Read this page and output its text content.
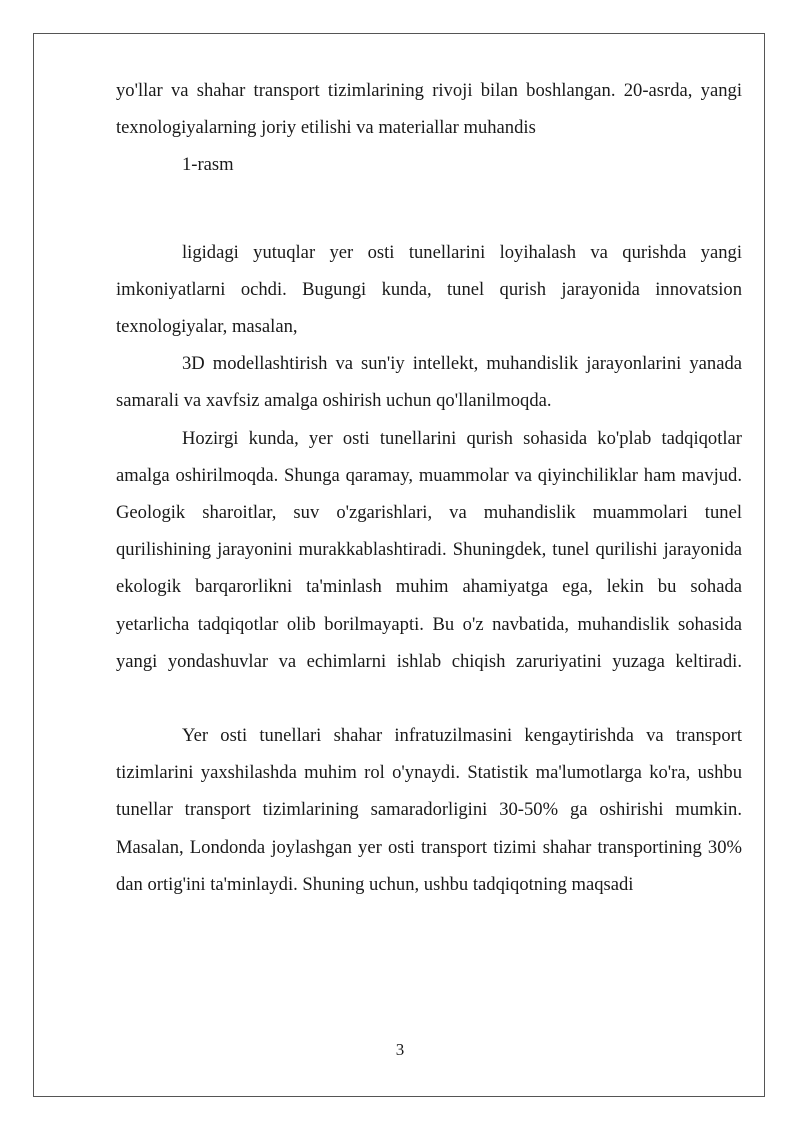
yo'llar va shahar transport tizimlarining rivoji bilan boshlangan. 20-asrda, yangi texnologiyalarning joriy etilishi va materiallar muhandis

1-rasm

ligidagi yutuqlar yer osti tunellarini loyihalash va qurishda yangi imkoniyatlarni ochdi. Bugungi kunda, tunel qurish jarayonida innovatsion texnologiyalar, masalan,

3D modellashtirish va sun'iy intellekt, muhandislik jarayonlarini yanada samarali va xavfsiz amalga oshirish uchun qo'llanilmoqda.

Hozirgi kunda, yer osti tunellarini qurish sohasida ko'plab tadqiqotlar amalga oshirilmoqda. Shunga qaramay, muammolar va qiyinchiliklar ham mavjud. Geologik sharoitlar, suv o'zgarishlari, va muhandislik muammolari tunel qurilishining jarayonini murakkablashtiradi. Shuningdek, tunel qurilishi jarayonida ekologik barqarorlikni ta'minlash muhim ahamiyatga ega, lekin bu sohada yetarlicha tadqiqotlar olib borilmayapti. Bu o'z navbatida, muhandislik sohasida yangi yondashuvlar va echimlarni ishlab chiqish zaruriyatini yuzaga keltiradi.

Yer osti tunellari shahar infratuzilmasini kengaytirishda va transport tizimlarini yaxshilashda muhim rol o'ynaydi. Statistik ma'lumotlarga ko'ra, ushbu tunellar transport tizimlarining samaradorligini 30-50% ga oshirishi mumkin. Masalan, Londonda joylashgan yer osti transport tizimi shahar transportining 30% dan ortig'ini ta'minlaydi. Shuning uchun, ushbu tadqiqotning maqsadi

3
